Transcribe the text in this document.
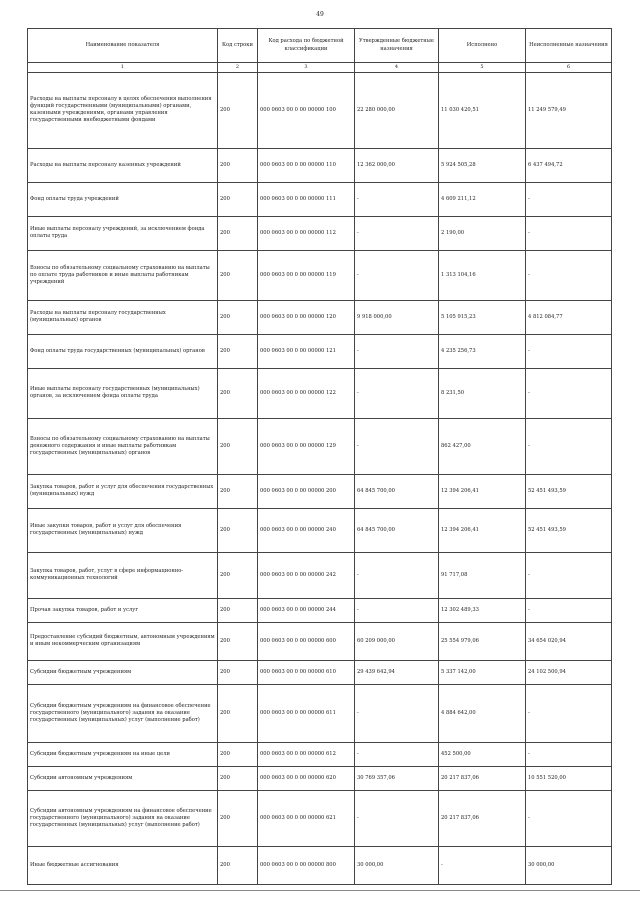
49
Наименование показателя	Код строки	Код расхода по бюджетной классификации	Утвержденные бюджетные назначения	Исполнено	Неисполненные назначения
1	2	3	4	5	6
Расходы на выплаты персоналу в целях обеспечения выполнения функций государственными (муниципальными) органами, казенными учреждениями, органами управления государственными внебюджетными фондами	200	000 0603 00 0 00 00000 100	22 280 000,00	11 030 420,51	11 249 579,49
Расходы на выплаты персоналу казенных учреждений	200	000 0603 00 0 00 00000 110	12 362 000,00	5 924 505,28	6 437 494,72
Фонд оплаты труда учреждений	200	000 0603 00 0 00 00000 111	-	4 609 211,12	-
Иные выплаты персоналу учреждений, за исключением фонда оплаты труда	200	000 0603 00 0 00 00000 112	-	2 190,00	-
Взносы по обязательному социальному страхованию на выплаты по оплате труда работников и иные выплаты работникам учреждений	200	000 0603 00 0 00 00000 119	-	1 313 104,16	-
Расходы на выплаты персоналу государственных (муниципальных) органов	200	000 0603 00 0 00 00000 120	9 918 000,00	5 105 915,23	4 812 084,77
Фонд оплаты труда государственных (муниципальных) органов	200	000 0603 00 0 00 00000 121	-	4 235 256,73	-
Иные выплаты персоналу государственных (муниципальных) органов, за исключением фонда оплаты труда	200	000 0603 00 0 00 00000 122	-	8 231,50	-
Взносы по обязательному социальному страхованию на выплаты денежного содержания и иные выплаты работникам государственных (муниципальных) органов	200	000 0603 00 0 00 00000 129	-	862 427,00	-
Закупка товаров, работ и услуг для обеспечения государственных (муниципальных) нужд	200	000 0603 00 0 00 00000 200	64 845 700,00	12 394 206,41	52 451 493,59
Иные закупки товаров, работ и услуг для обеспечения государственных (муниципальных) нужд	200	000 0603 00 0 00 00000 240	64 845 700,00	12 394 206,41	52 451 493,59
Закупка товаров, работ, услуг в сфере информационно-коммуникационных технологий	200	000 0603 00 0 00 00000 242	-	91 717,08	-
Прочая закупка товаров, работ и услуг	200	000 0603 00 0 00 00000 244	-	12 302 489,33	-
Предоставление субсидий бюджетным, автономным учреждениям и иным некоммерческим организациям	200	000 0603 00 0 00 00000 600	60 209 000,00	25 554 979,06	34 654 020,94
Субсидии бюджетным учреждениям	200	000 0603 00 0 00 00000 610	29 439 642,94	5 337 142,00	24 102 500,94
Субсидии бюджетным учреждениям на финансовое обеспечение государственного (муниципального) задания на оказание государственных (муниципальных) услуг (выполнение работ)	200	000 0603 00 0 00 00000 611	-	4 884 642,00	-
Субсидии бюджетным учреждениям на иные цели	200	000 0603 00 0 00 00000 612	-	452 500,00	-
Субсидии автономным учреждениям	200	000 0603 00 0 00 00000 620	30 769 357,06	20 217 837,06	10 551 520,00
Субсидии автономным учреждениям на финансовое обеспечение государственного (муниципального) задания на оказание государственных (муниципальных) услуг (выполнение работ)	200	000 0603 00 0 00 00000 621	-	20 217 837,06	-
Иные бюджетные ассигнования	200	000 0603 00 0 00 00000 800	30 000,00	-	30 000,00
